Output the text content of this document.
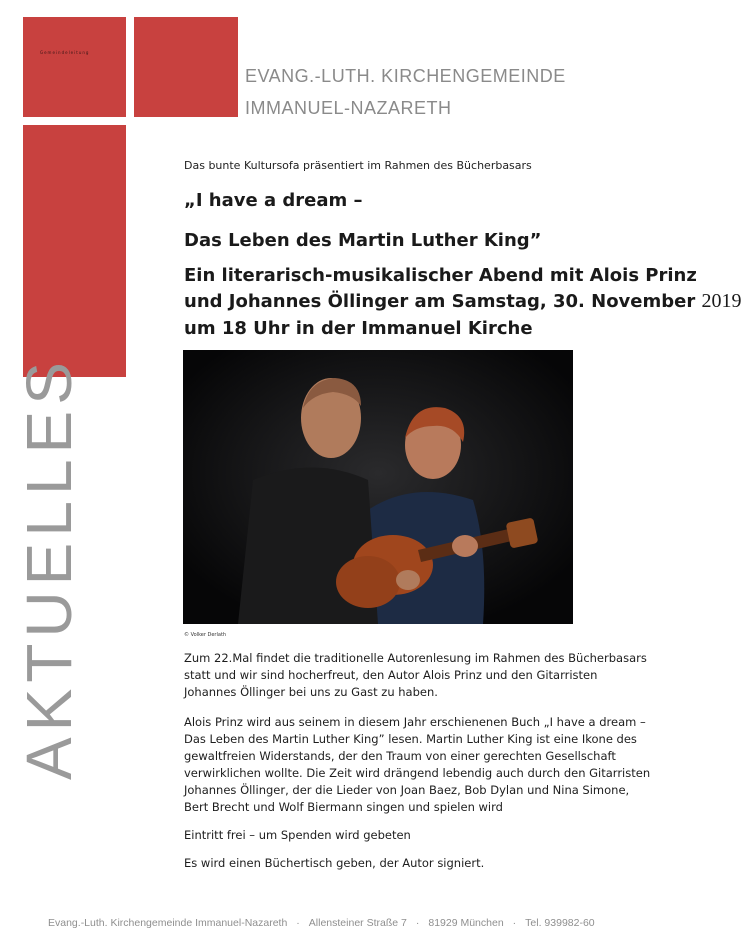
Gemeindeleitung
EVANG.-LUTH. KIRCHENGEMEINDE
IMMANUEL-NAZARETH
AKTUELLES
Das bunte Kultursofa präsentiert im Rahmen des Bücherbasars
„I have a dream –
Das Leben des Martin Luther King”
Ein literarisch-musikalischer Abend mit Alois Prinz
und Johannes Öllinger am Samstag, 30. November 2019
um 18 Uhr in der Immanuel Kirche
© Volker Derlath

Zum 22.Mal findet die traditionelle Autorenlesung im Rahmen des Bücherbasars
statt und wir sind hocherfreut, den Autor Alois Prinz und den Gitarristen
Johannes Öllinger bei uns zu Gast zu haben.

Alois Prinz wird aus seinem in diesem Jahr erschienenen Buch „I have a dream –
Das Leben des Martin Luther King” lesen. Martin Luther King ist eine Ikone des
gewaltfreien Widerstands, der den Traum von einer gerechten Gesellschaft
verwirklichen wollte. Die Zeit wird drängend lebendig auch durch den Gitarristen
Johannes Öllinger, der die Lieder von Joan Baez, Bob Dylan und Nina Simone,
Bert Brecht und Wolf Biermann singen und spielen wird

Eintritt frei – um Spenden wird gebeten

Es wird einen Büchertisch geben, der Autor signiert.

Evang.-Luth. Kirchengemeinde Immanuel-Nazareth · Allensteiner Straße 7 · 81929 München · Tel. 939982-60
